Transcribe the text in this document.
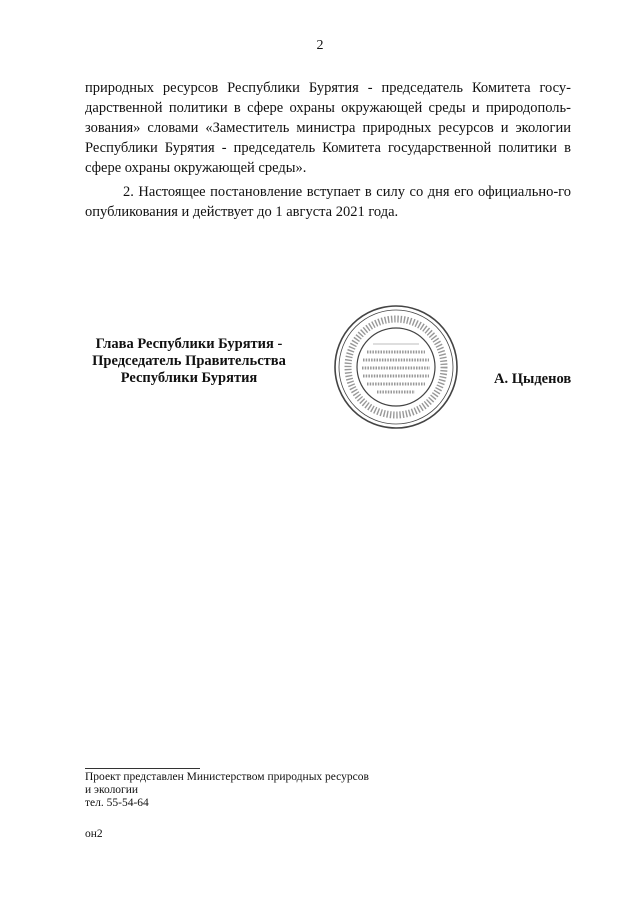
2

природных ресурсов Республики Бурятия - председатель Комитета госу- дарственной политики в сфере охраны окружающей среды и природополь- зования» словами «Заместитель министра природных ресурсов и экологии Республики Бурятия - председатель Комитета государственной политики в сфере охраны окружающей среды».

2. Настоящее постановление вступает в силу со дня его официально-го опубликования и действует до 1 августа 2021 года.

Глава Республики Бурятия -
Председатель Правительства
Республики Бурятия	А. Цыденов
Проект представлен Министерством природных ресурсов
и экологии
тел. 55-54-64
он2
